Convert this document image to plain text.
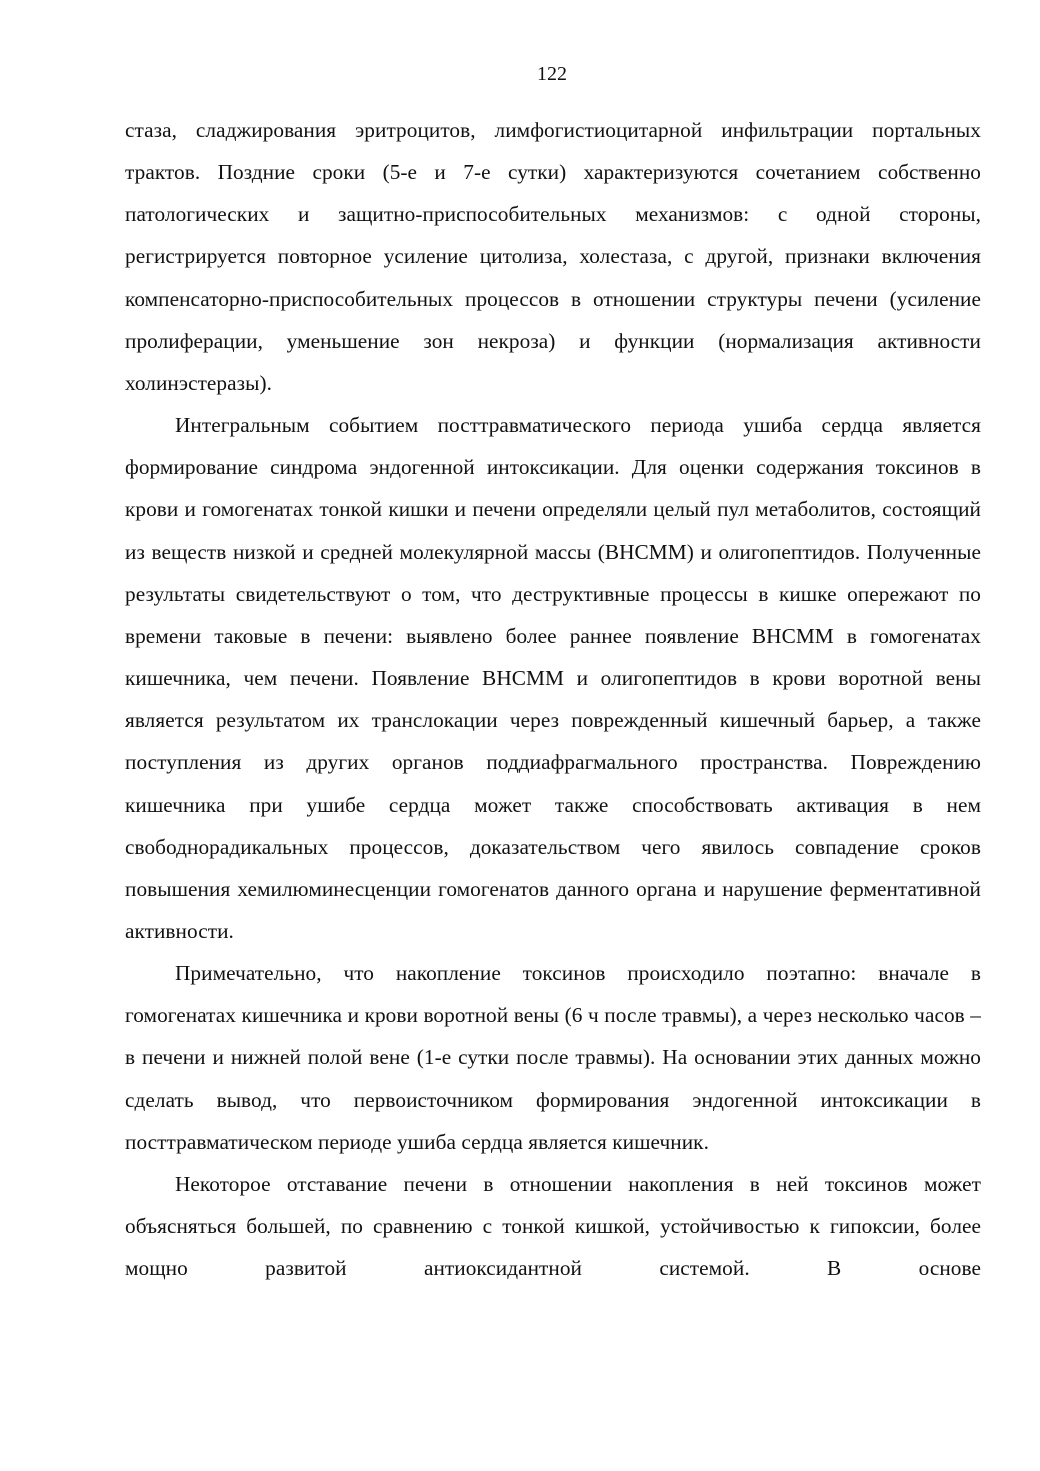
122

стаза, сладжирования эритроцитов, лимфогистиоцитарной инфильтрации портальных трактов. Поздние сроки (5-е и 7-е сутки) характеризуются сочетанием собственно патологических и защитно-приспособительных механизмов: с одной стороны, регистрируется повторное усиление цитолиза, холестаза, с другой, признаки включения компенсаторно-приспособительных процессов в отношении структуры печени (усиление пролиферации, уменьшение зон некроза) и функции (нормализация активности холинэстеразы).

Интегральным событием посттравматического периода ушиба сердца является формирование синдрома эндогенной интоксикации. Для оценки содержания токсинов в крови и гомогенатах тонкой кишки и печени определяли целый пул метаболитов, состоящий из веществ низкой и средней молекулярной массы (ВНСММ) и олигопептидов. Полученные результаты свидетельствуют о том, что деструктивные процессы в кишке опережают по времени таковые в печени: выявлено более раннее появление ВНСММ в гомогенатах кишечника, чем печени. Появление ВНСММ и олигопептидов в крови воротной вены является результатом их транслокации через поврежденный кишечный барьер, а также поступления из других органов поддиафрагмального пространства. Повреждению кишечника при ушибе сердца может также способствовать активация в нем свободнорадикальных процессов, доказательством чего явилось совпадение сроков повышения хемилюминесценции гомогенатов данного органа и нарушение ферментативной активности.

Примечательно, что накопление токсинов происходило поэтапно: вначале в гомогенатах кишечника и крови воротной вены (6 ч после травмы), а через несколько часов – в печени и нижней полой вене (1-е сутки после травмы). На основании этих данных можно сделать вывод, что первоисточником формирования эндогенной интоксикации в посттравматическом периоде ушиба сердца является кишечник.

Некоторое отставание печени в отношении накопления в ней токсинов может объясняться большей, по сравнению с тонкой кишкой, устойчивостью к гипоксии, более мощно развитой антиоксидантной системой. В основе
